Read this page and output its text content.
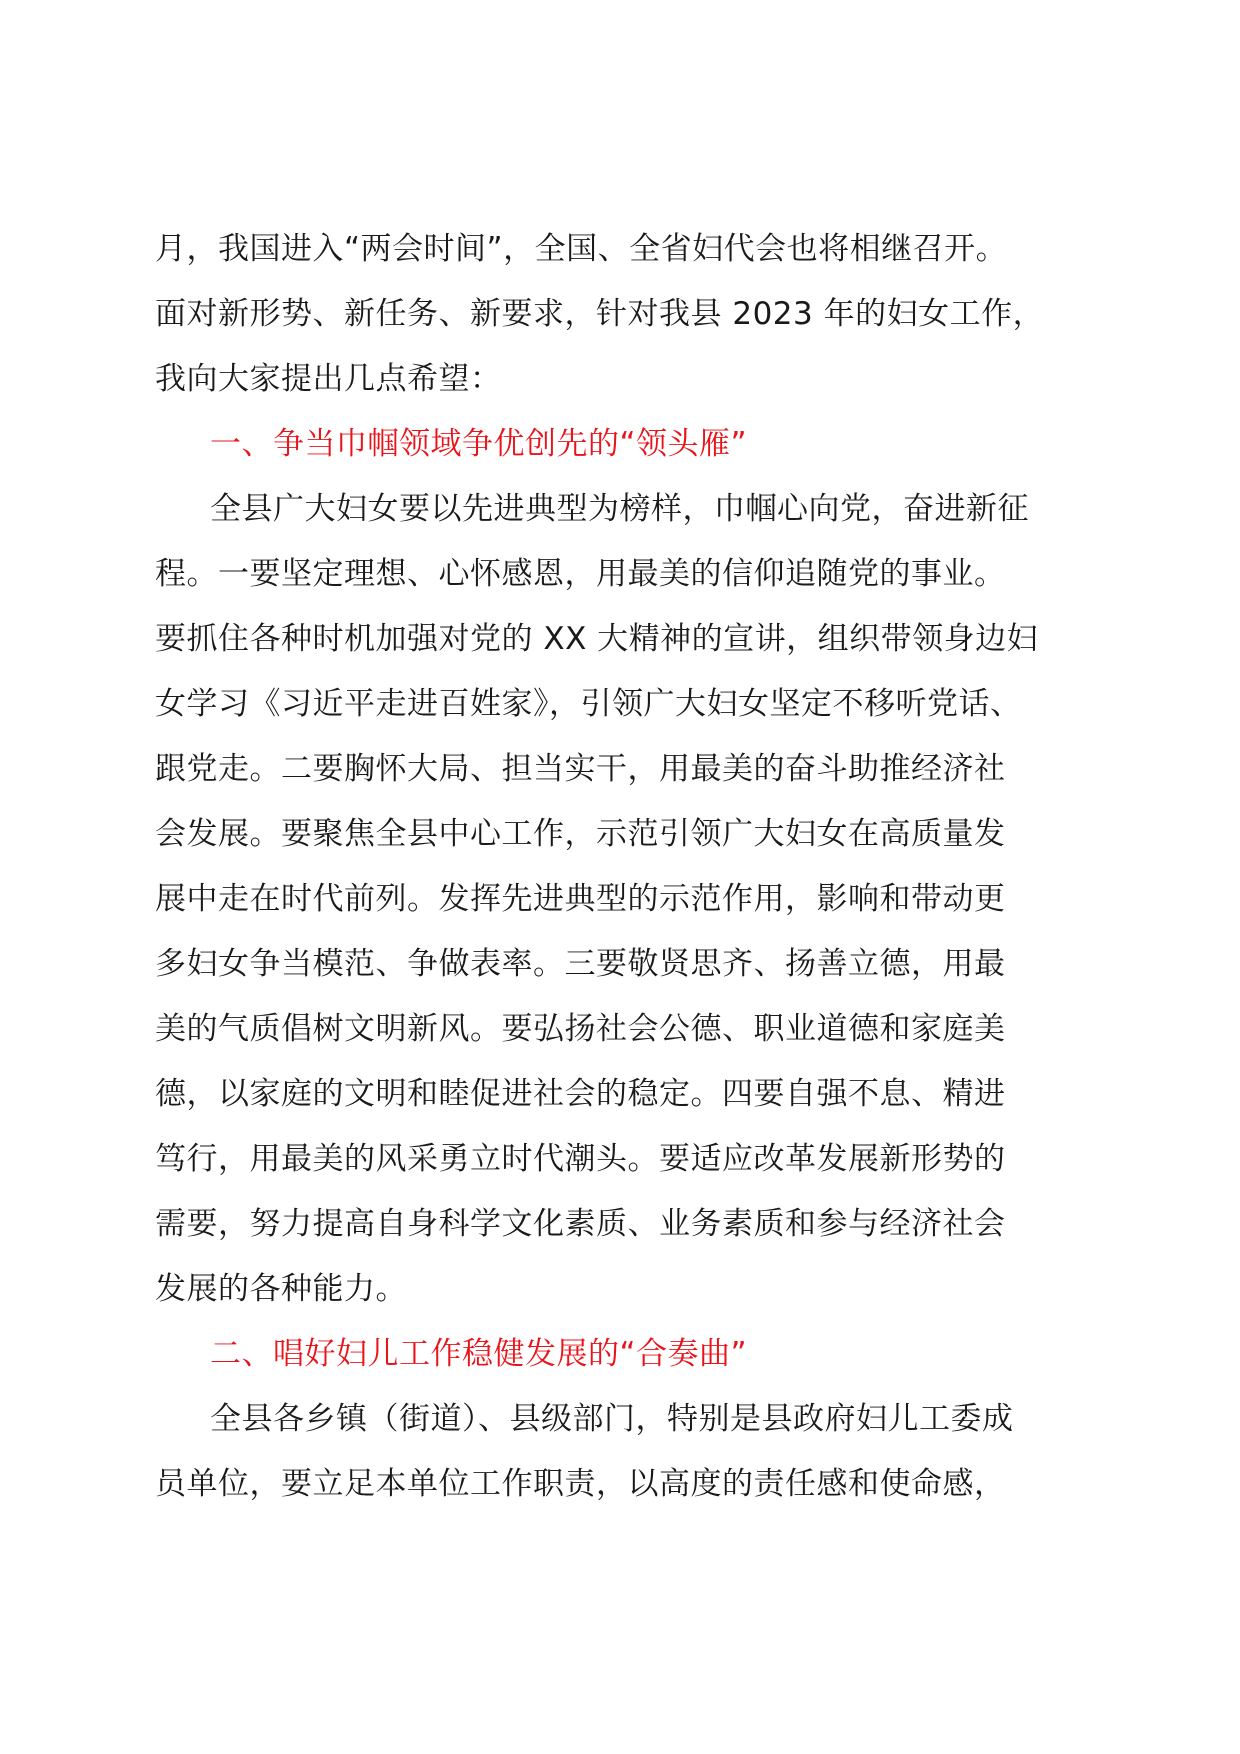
月，我国进入“两会时间”，全国、全省妇代会也将相继召开。
面对新形势、新任务、新要求，针对我县 2023 年的妇女工作，
我向大家提出几点希望：
一、争当巾帼领域争优创先的“领头雁”
全县广大妇女要以先进典型为榜样，巾帼心向党，奋进新征
程。一要坚定理想、心怀感恩，用最美的信仰追随党的事业。
要抓住各种时机加强对党的 XX 大精神的宣讲，组织带领身边妇
女学习《习近平走进百姓家》，引领广大妇女坚定不移听党话、
跟党走。二要胸怀大局、担当实干，用最美的奋斗助推经济社
会发展。要聚焦全县中心工作，示范引领广大妇女在高质量发
展中走在时代前列。发挥先进典型的示范作用，影响和带动更
多妇女争当模范、争做表率。三要敬贤思齐、扬善立德，用最
美的气质倡树文明新风。要弘扬社会公德、职业道德和家庭美
德，以家庭的文明和睦促进社会的稳定。四要自强不息、精进
笃行，用最美的风采勇立时代潮头。要适应改革发展新形势的
需要，努力提高自身科学文化素质、业务素质和参与经济社会
发展的各种能力。
二、唱好妇儿工作稳健发展的“合奏曲”
全县各乡镇（街道）、县级部门，特别是县政府妇儿工委成
员单位，要立足本单位工作职责，以高度的责任感和使命感，
